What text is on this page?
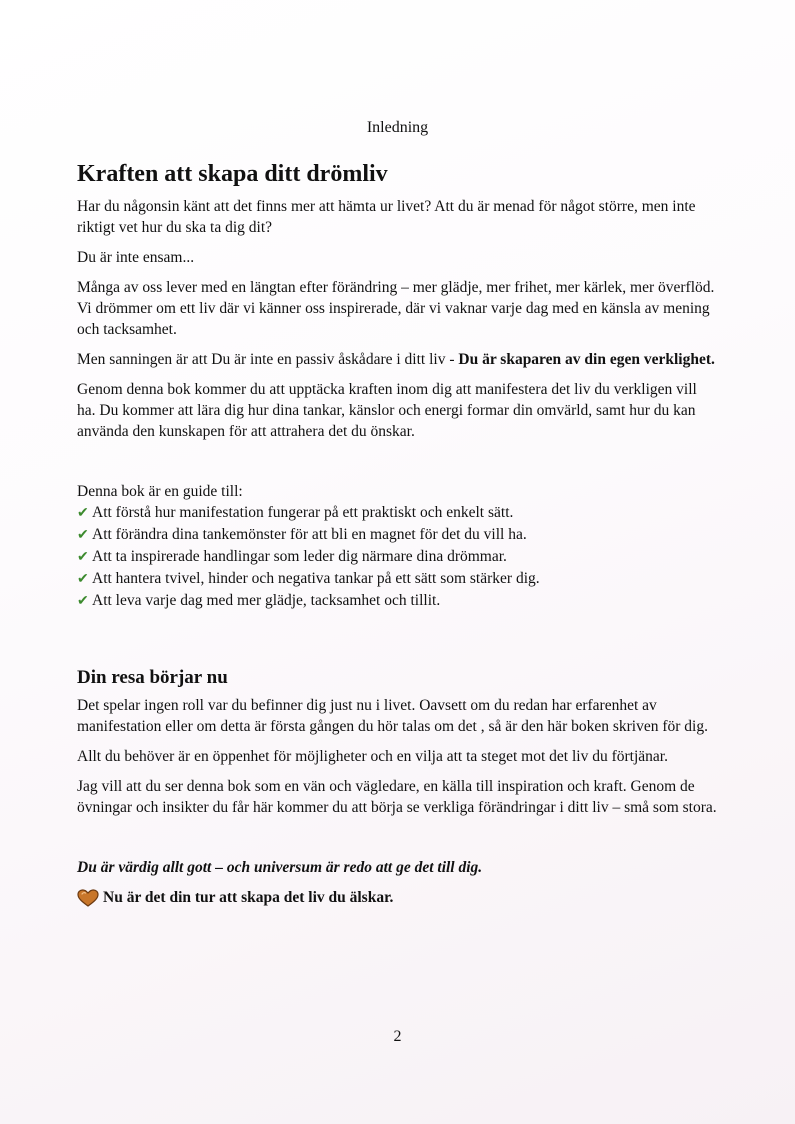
Inledning
Kraften att skapa ditt drömliv

Har du någonsin känt att det finns mer att hämta ur livet? Att du är menad för något större, men inte riktigt vet hur du ska ta dig dit?

Du är inte ensam...

Många av oss lever med en längtan efter förändring – mer glädje, mer frihet, mer kärlek, mer överflöd. Vi drömmer om ett liv där vi känner oss inspirerade, där vi vaknar varje dag med en känsla av mening och tacksamhet.

Men sanningen är att Du är inte en passiv åskådare i ditt liv - Du är skaparen av din egen verklighet.

Genom denna bok kommer du att upptäcka kraften inom dig att manifestera det liv du verkligen vill ha. Du kommer att lära dig hur dina tankar, känslor och energi formar din omvärld, samt hur du kan använda den kunskapen för att attrahera det du önskar.

Denna bok är en guide till:

✔ Att förstå hur manifestation fungerar på ett praktiskt och enkelt sätt.
✔ Att förändra dina tankemönster för att bli en magnet för det du vill ha.
✔ Att ta inspirerade handlingar som leder dig närmare dina drömmar.
✔ Att hantera tvivel, hinder och negativa tankar på ett sätt som stärker dig.
✔ Att leva varje dag med mer glädje, tacksamhet och tillit.
Din resa börjar nu

Det spelar ingen roll var du befinner dig just nu i livet. Oavsett om du redan har erfarenhet av manifestation eller om detta är första gången du hör talas om det , så är den här boken skriven för dig.

Allt du behöver är en öppenhet för möjligheter och en vilja att ta steget mot det liv du förtjänar.

Jag vill att du ser denna bok som en vän och vägledare, en källa till inspiration och kraft. Genom de övningar och insikter du får här kommer du att börja se verkliga förändringar i ditt liv – små som stora.

Du är värdig allt gott – och universum är redo att ge det till dig.

Nu är det din tur att skapa det liv du älskar.

2
